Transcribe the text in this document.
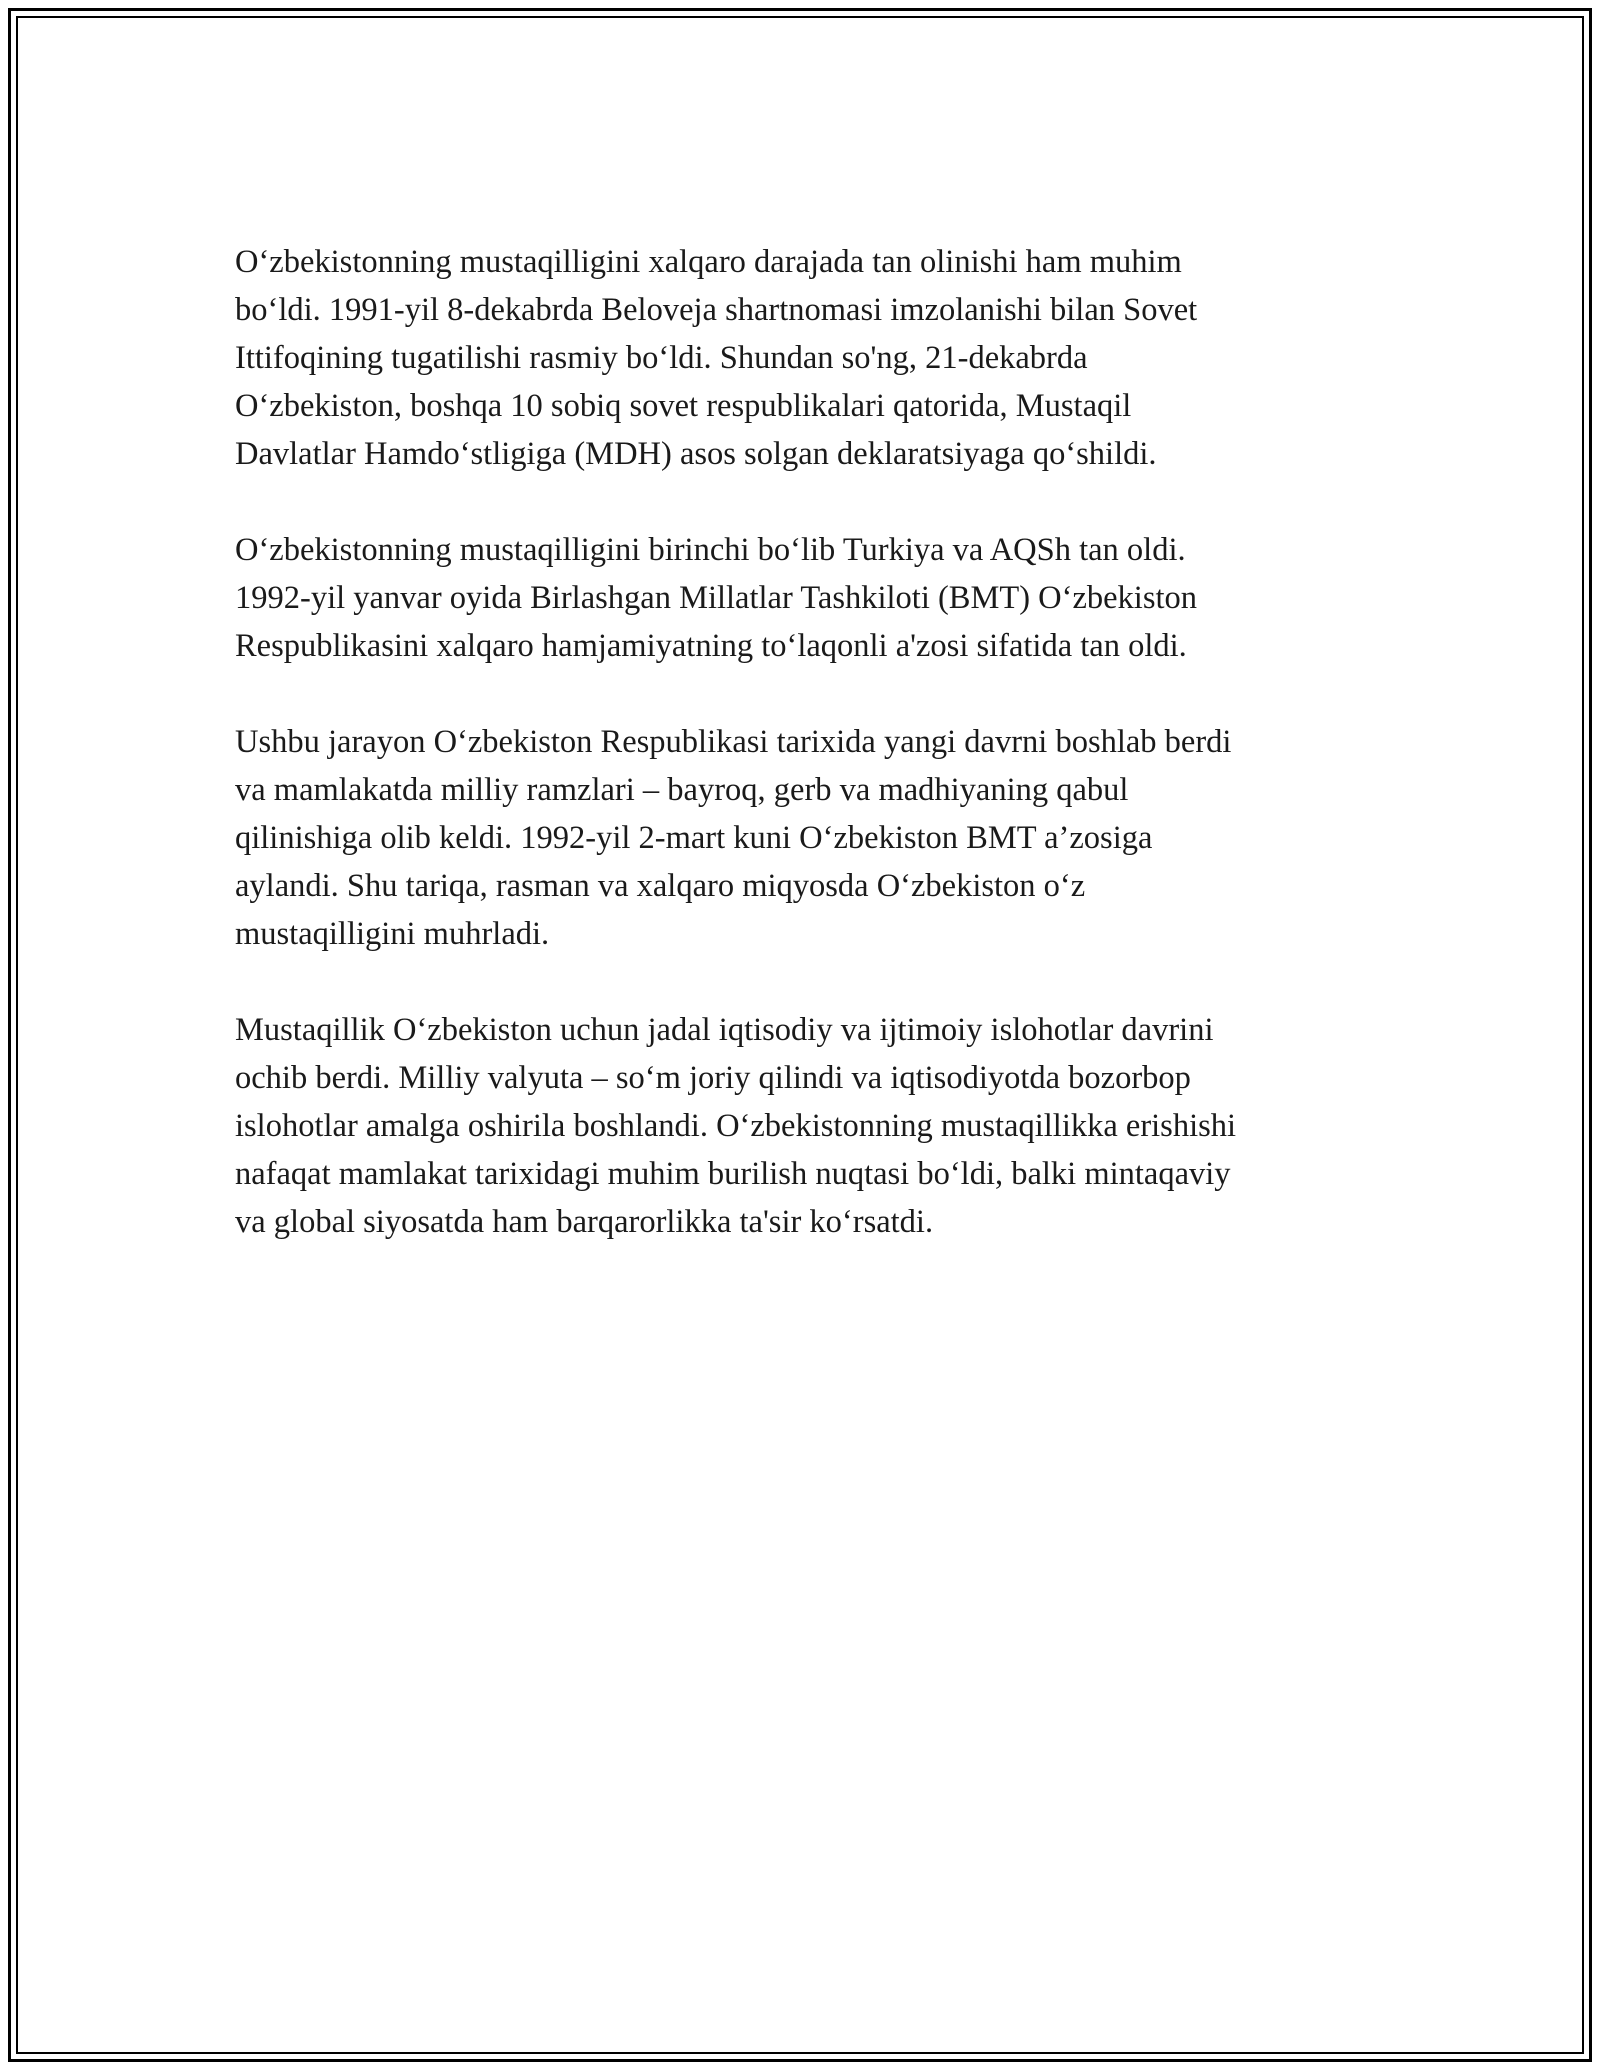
Oʻzbekistonning mustaqilligini xalqaro darajada tan olinishi ham muhim
boʻldi. 1991-yil 8-dekabrda Beloveja shartnomasi imzolanishi bilan Sovet
Ittifoqining tugatilishi rasmiy boʻldi. Shundan so'ng, 21-dekabrda
Oʻzbekiston, boshqa 10 sobiq sovet respublikalari qatorida, Mustaqil
Davlatlar Hamdoʻstligiga (MDH) asos solgan deklaratsiyaga qoʻshildi.

Oʻzbekistonning mustaqilligini birinchi boʻlib Turkiya va AQSh tan oldi.
1992-yil yanvar oyida Birlashgan Millatlar Tashkiloti (BMT) Oʻzbekiston
Respublikasini xalqaro hamjamiyatning toʻlaqonli a'zosi sifatida tan oldi.

Ushbu jarayon Oʻzbekiston Respublikasi tarixida yangi davrni boshlab berdi
va mamlakatda milliy ramzlari – bayroq, gerb va madhiyaning qabul
qilinishiga olib keldi. 1992-yil 2-mart kuni Oʻzbekiston BMT a’zosiga
aylandi. Shu tariqa, rasman va xalqaro miqyosda Oʻzbekiston oʻz
mustaqilligini muhrladi.

Mustaqillik Oʻzbekiston uchun jadal iqtisodiy va ijtimoiy islohotlar davrini
ochib berdi. Milliy valyuta – soʻm joriy qilindi va iqtisodiyotda bozorbop
islohotlar amalga oshirila boshlandi. Oʻzbekistonning mustaqillikka erishishi
nafaqat mamlakat tarixidagi muhim burilish nuqtasi boʻldi, balki mintaqaviy
va global siyosatda ham barqarorlikka ta'sir koʻrsatdi.
